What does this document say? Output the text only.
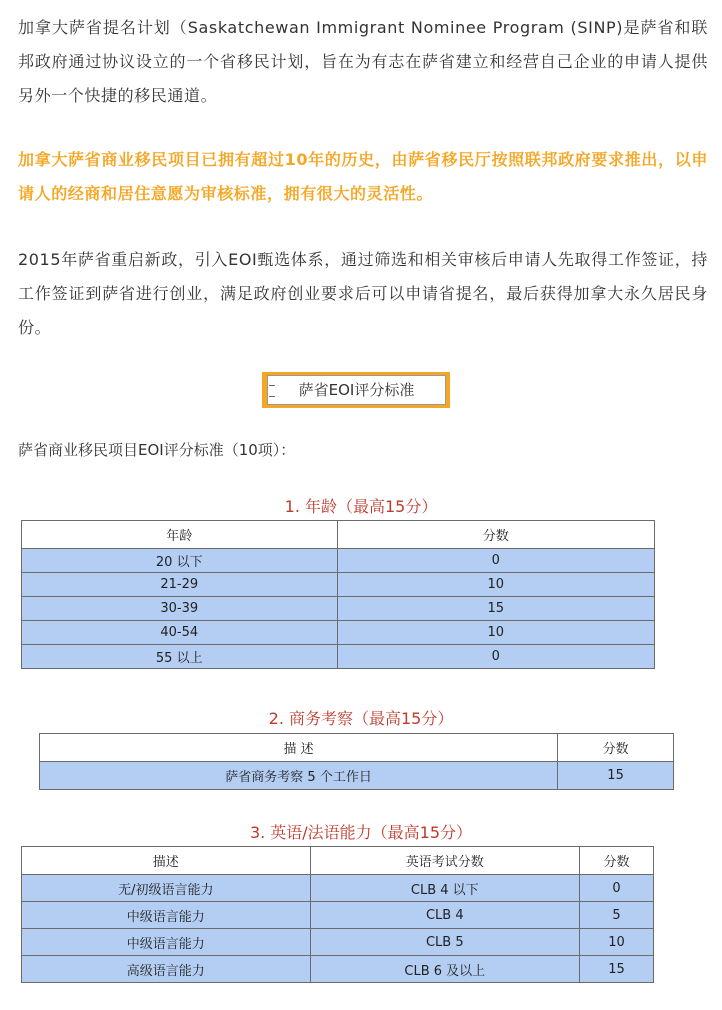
加拿大萨省提名计划（Saskatchewan Immigrant Nominee Program (SINP)是萨省和联邦政府通过协议设立的一个省移民计划，旨在为有志在萨省建立和经营自己企业的申请人提供另外一个快捷的移民通道。

加拿大萨省商业移民项目已拥有超过10年的历史，由萨省移民厅按照联邦政府要求推出，以申请人的经商和居住意愿为审核标准，拥有很大的灵活性。

2015年萨省重启新政，引入EOI甄选体系，通过筛选和相关审核后申请人先取得工作签证，持工作签证到萨省进行创业，满足政府创业要求后可以申请省提名，最后获得加拿大永久居民身份。

萨省EOI评分标准

萨省商业移民项目EOI评分标准（10项）：

1. 年龄（最高15分）

年龄	分数
20 以下	0
21-29	10
30-39	15
40-54	10
55 以上	0

2. 商务考察（最高15分）

描 述	分数
萨省商务考察 5 个工作日	15

3. 英语/法语能力（最高15分）

描述	英语考试分数	分数
无/初级语言能力	CLB 4 以下	0
中级语言能力	CLB 4	5
中级语言能力	CLB 5	10
高级语言能力	CLB 6 及以上	15
